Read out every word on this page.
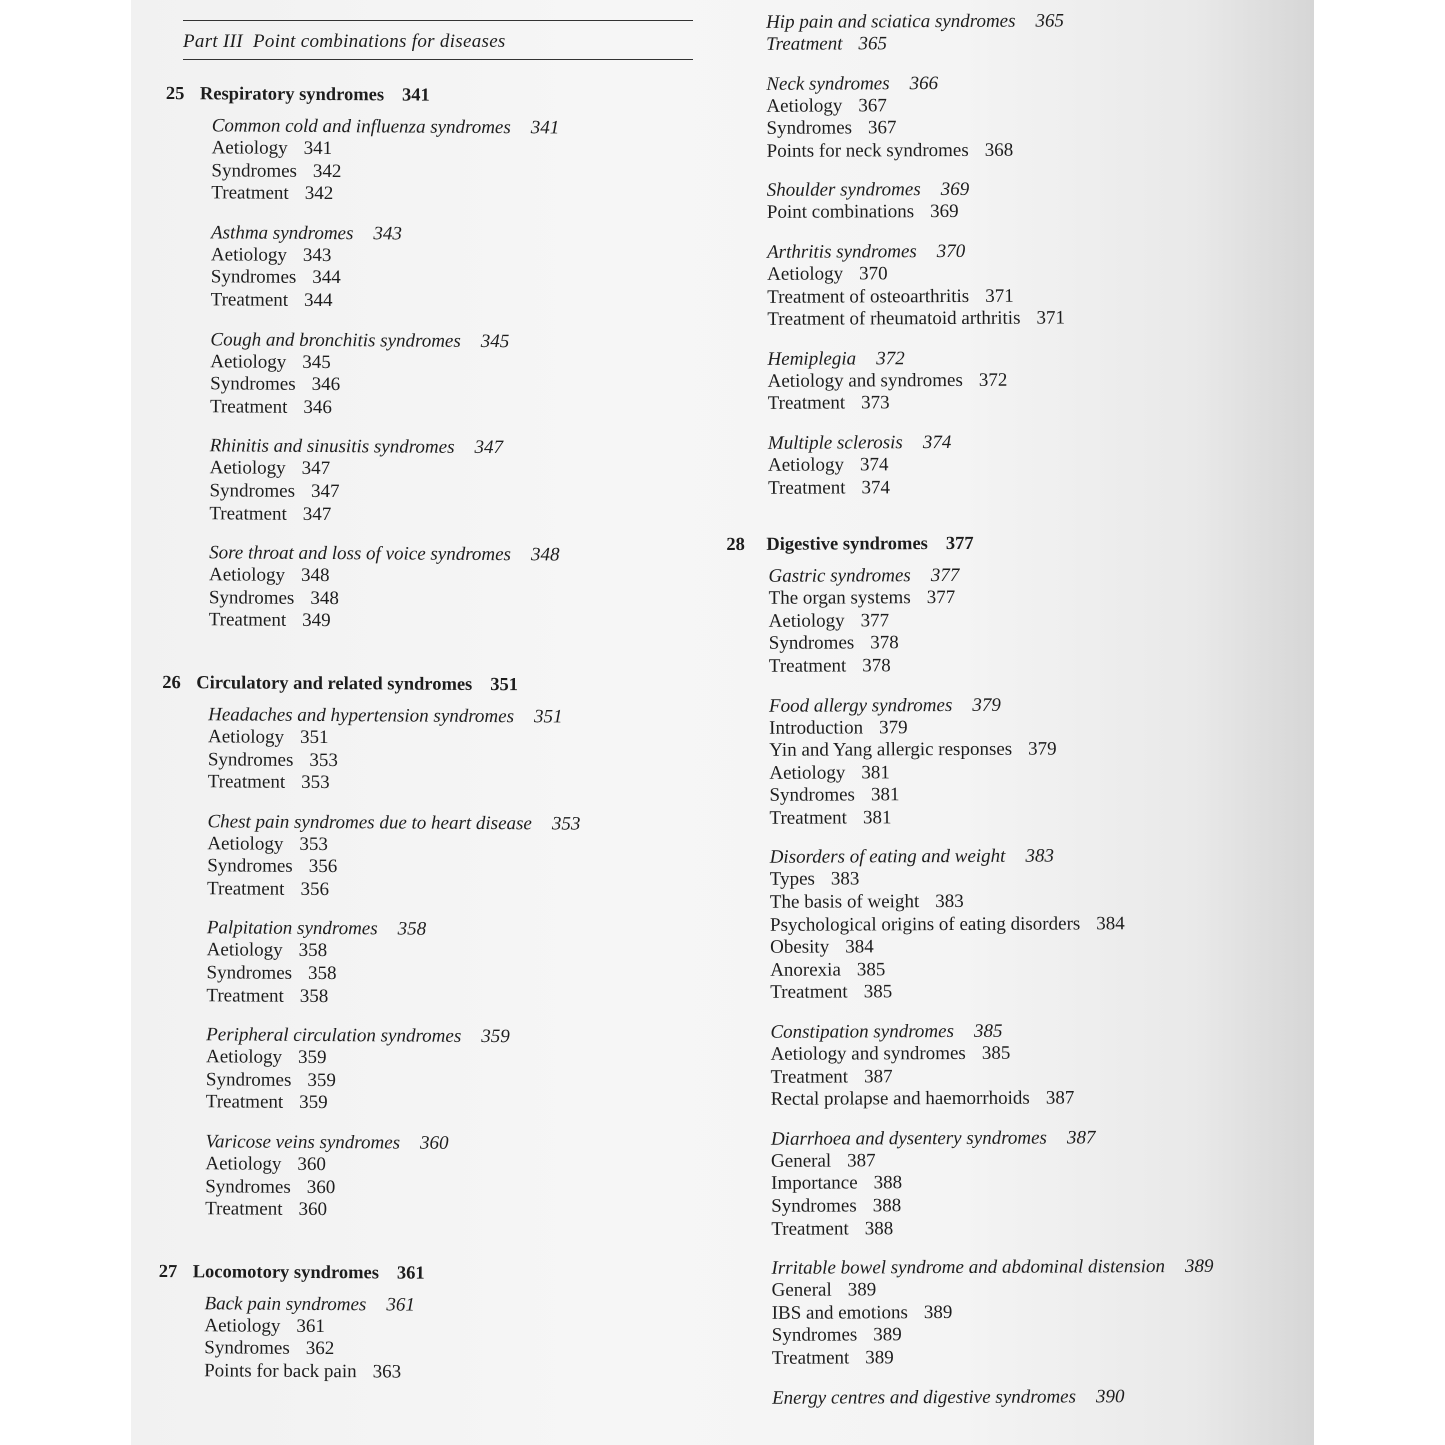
Part III Point combinations for diseases
25 Respiratory syndromes 341
Common cold and influenza syndromes 341
Aetiology 341
Syndromes 342
Treatment 342
Asthma syndromes 343
Aetiology 343
Syndromes 344
Treatment 344
Cough and bronchitis syndromes 345
Aetiology 345
Syndromes 346
Treatment 346
Rhinitis and sinusitis syndromes 347
Aetiology 347
Syndromes 347
Treatment 347
Sore throat and loss of voice syndromes 348
Aetiology 348
Syndromes 348
Treatment 349
26 Circulatory and related syndromes 351
Headaches and hypertension syndromes 351
Aetiology 351
Syndromes 353
Treatment 353
Chest pain syndromes due to heart disease 353
Aetiology 353
Syndromes 356
Treatment 356
Palpitation syndromes 358
Aetiology 358
Syndromes 358
Treatment 358
Peripheral circulation syndromes 359
Aetiology 359
Syndromes 359
Treatment 359
Varicose veins syndromes 360
Aetiology 360
Syndromes 360
Treatment 360
27 Locomotory syndromes 361
Back pain syndromes 361
Aetiology 361
Syndromes 362
Points for back pain 363
Hip pain and sciatica syndromes 365
Treatment 365
Neck syndromes 366
Aetiology 367
Syndromes 367
Points for neck syndromes 368
Shoulder syndromes 369
Point combinations 369
Arthritis syndromes 370
Aetiology 370
Treatment of osteoarthritis 371
Treatment of rheumatoid arthritis 371
Hemiplegia 372
Aetiology and syndromes 372
Treatment 373
Multiple sclerosis 374
Aetiology 374
Treatment 374
28	Digestive syndromes 377
Gastric syndromes 377
The organ systems 377
Aetiology 377
Syndromes 378
Treatment 378
Food allergy syndromes 379
Introduction 379
Yin and Yang allergic responses 379
Aetiology 381
Syndromes 381
Treatment 381
Disorders of eating and weight 383
Types 383
The basis of weight 383
Psychological origins of eating disorders 384
Obesity 384
Anorexia 385
Treatment 385
Constipation syndromes 385
Aetiology and syndromes 385
Treatment 387
Rectal prolapse and haemorrhoids 387
Diarrhoea and dysentery syndromes 387
General 387
Importance 388
Syndromes 388
Treatment 388
Irritable bowel syndrome and abdominal distension 389
General 389
IBS and emotions 389
Syndromes 389
Treatment 389
Energy centres and digestive syndromes 390
